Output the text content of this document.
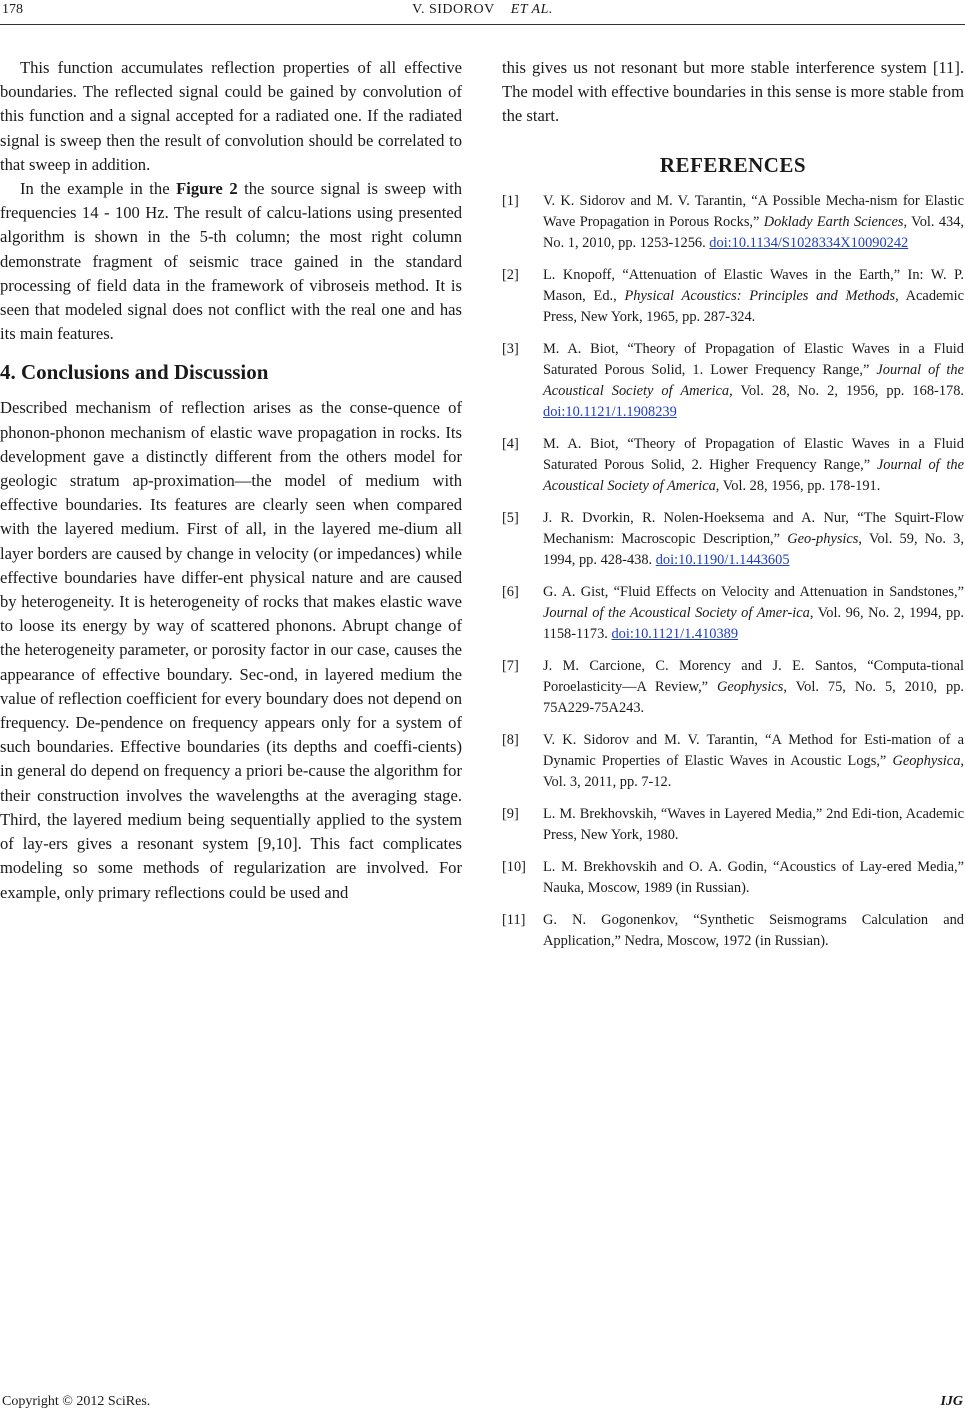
178	V. SIDOROV ET AL.

This function accumulates reflection properties of all effective boundaries. The reflected signal could be gained by convolution of this function and a signal accepted for a radiated one. If the radiated signal is sweep then the result of convolution should be correlated to that sweep in addition.

In the example in the Figure 2 the source signal is sweep with frequencies 14 - 100 Hz. The result of calcu-lations using presented algorithm is shown in the 5-th column; the most right column demonstrate fragment of seismic trace gained in the standard processing of field data in the framework of vibroseis method. It is seen that modeled signal does not conflict with the real one and has its main features.

4. Conclusions and Discussion

Described mechanism of reflection arises as the conse-quence of phonon-phonon mechanism of elastic wave propagation in rocks. Its development gave a distinctly different from the others model for geologic stratum ap-proximation—the model of medium with effective boundaries. Its features are clearly seen when compared with the layered medium. First of all, in the layered me-dium all layer borders are caused by change in velocity (or impedances) while effective boundaries have differ-ent physical nature and are caused by heterogeneity. It is heterogeneity of rocks that makes elastic wave to loose its energy by way of scattered phonons. Abrupt change of the heterogeneity parameter, or porosity factor in our case, causes the appearance of effective boundary. Sec-ond, in layered medium the value of reflection coefficient for every boundary does not depend on frequency. De-pendence on frequency appears only for a system of such boundaries. Effective boundaries (its depths and coeffi-cients) in general do depend on frequency a priori be-cause the algorithm for their construction involves the wavelengths at the averaging stage. Third, the layered medium being sequentially applied to the system of lay-ers gives a resonant system [9,10]. This fact complicates modeling so some methods of regularization are involved. For example, only primary reflections could be used and

this gives us not resonant but more stable interference system [11]. The model with effective boundaries in this sense is more stable from the start.

REFERENCES
[1] V. K. Sidorov and M. V. Tarantin, “A Possible Mecha-nism for Elastic Wave Propagation in Porous Rocks,” Doklady Earth Sciences, Vol. 434, No. 1, 2010, pp. 1253-1256. doi:10.1134/S1028334X10090242
[2] L. Knopoff, “Attenuation of Elastic Waves in the Earth,” In: W. P. Mason, Ed., Physical Acoustics: Principles and Methods, Academic Press, New York, 1965, pp. 287-324.
[3] M. A. Biot, “Theory of Propagation of Elastic Waves in a Fluid Saturated Porous Solid, 1. Lower Frequency Range,” Journal of the Acoustical Society of America, Vol. 28, No. 2, 1956, pp. 168-178. doi:10.1121/1.1908239
[4] M. A. Biot, “Theory of Propagation of Elastic Waves in a Fluid Saturated Porous Solid, 2. Higher Frequency Range,” Journal of the Acoustical Society of America, Vol. 28, 1956, pp. 178-191.
[5] J. R. Dvorkin, R. Nolen-Hoeksema and A. Nur, “The Squirt-Flow Mechanism: Macroscopic Description,” Geo-physics, Vol. 59, No. 3, 1994, pp. 428-438. doi:10.1190/1.1443605
[6] G. A. Gist, “Fluid Effects on Velocity and Attenuation in Sandstones,” Journal of the Acoustical Society of Amer-ica, Vol. 96, No. 2, 1994, pp. 1158-1173. doi:10.1121/1.410389
[7] J. M. Carcione, C. Morency and J. E. Santos, “Computa-tional Poroelasticity—A Review,” Geophysics, Vol. 75, No. 5, 2010, pp. 75A229-75A243.
[8] V. K. Sidorov and M. V. Tarantin, “A Method for Esti-mation of a Dynamic Properties of Elastic Waves in Acoustic Logs,” Geophysica, Vol. 3, 2011, pp. 7-12.
[9] L. M. Brekhovskih, “Waves in Layered Media,” 2nd Edi-tion, Academic Press, New York, 1980.
[10] L. M. Brekhovskih and O. A. Godin, “Acoustics of Lay-ered Media,” Nauka, Moscow, 1989 (in Russian).
[11] G. N. Gogonenkov, “Synthetic Seismograms Calculation and Application,” Nedra, Moscow, 1972 (in Russian).
Copyright © 2012 SciRes.	IJG
